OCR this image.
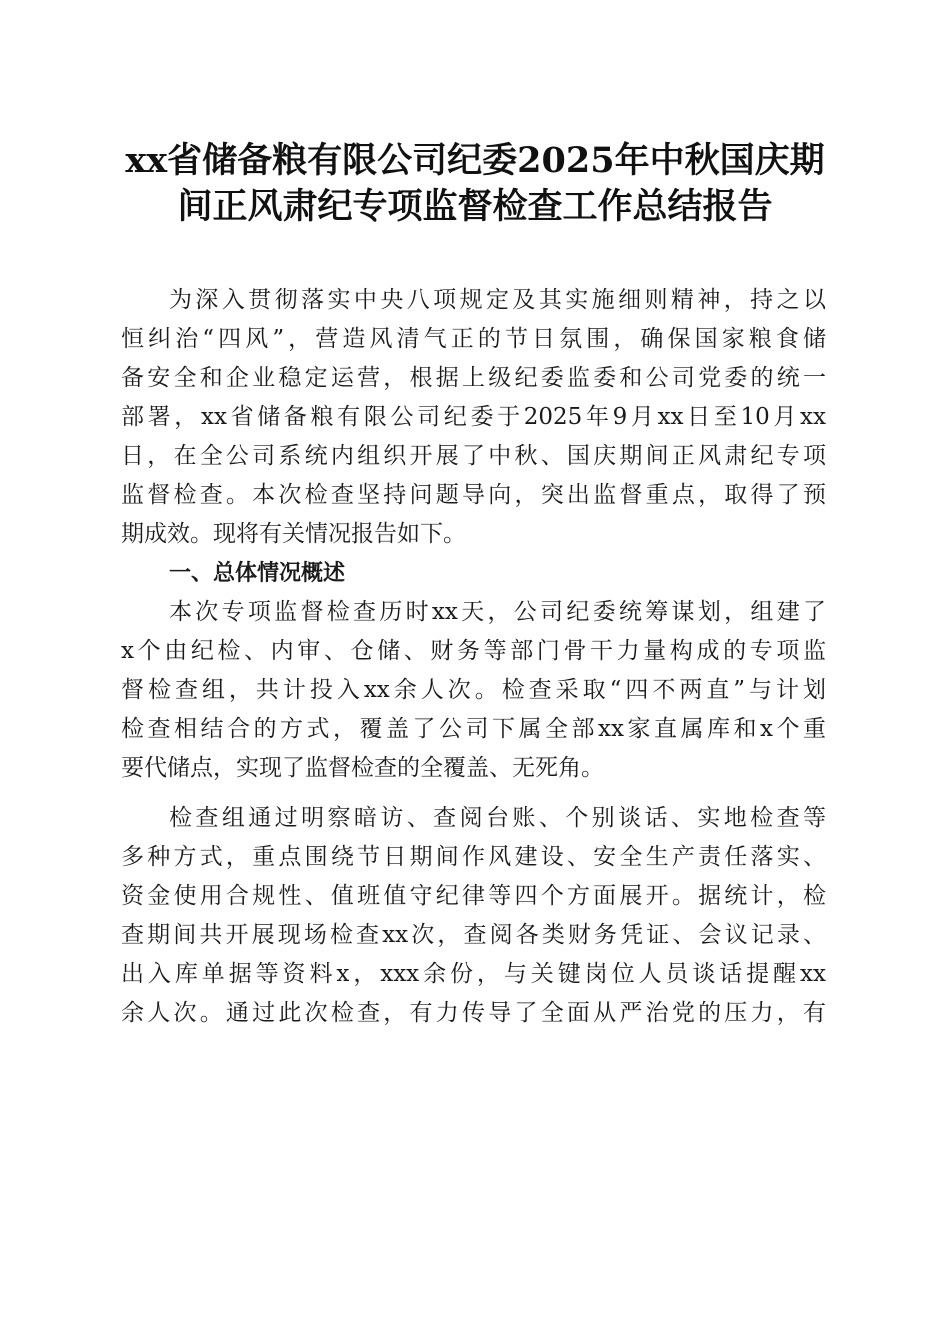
xx省储备粮有限公司纪委2025年中秋国庆期
间正风肃纪专项监督检查工作总结报告
为深入贯彻落实中央八项规定及其实施细则精神，持之以
恒纠治“四风”，营造风清气正的节日氛围，确保国家粮食储
备安全和企业稳定运营，根据上级纪委监委和公司党委的统一
部署，xx省储备粮有限公司纪委于2025年9月xx日至10月xx
日，在全公司系统内组织开展了中秋、国庆期间正风肃纪专项
监督检查。本次检查坚持问题导向，突出监督重点，取得了预
期成效。现将有关情况报告如下。
一、总体情况概述
本次专项监督检查历时xx天，公司纪委统筹谋划，组建了
x个由纪检、内审、仓储、财务等部门骨干力量构成的专项监
督检查组，共计投入xx余人次。检查采取“四不两直”与计划
检查相结合的方式，覆盖了公司下属全部xx家直属库和x个重
要代储点，实现了监督检查的全覆盖、无死角。
检查组通过明察暗访、查阅台账、个别谈话、实地检查等
多种方式，重点围绕节日期间作风建设、安全生产责任落实、
资金使用合规性、值班值守纪律等四个方面展开。据统计，检
查期间共开展现场检查xx次，查阅各类财务凭证、会议记录、
出入库单据等资料x，xxx余份，与关键岗位人员谈话提醒xx
余人次。通过此次检查，有力传导了全面从严治党的压力，有
